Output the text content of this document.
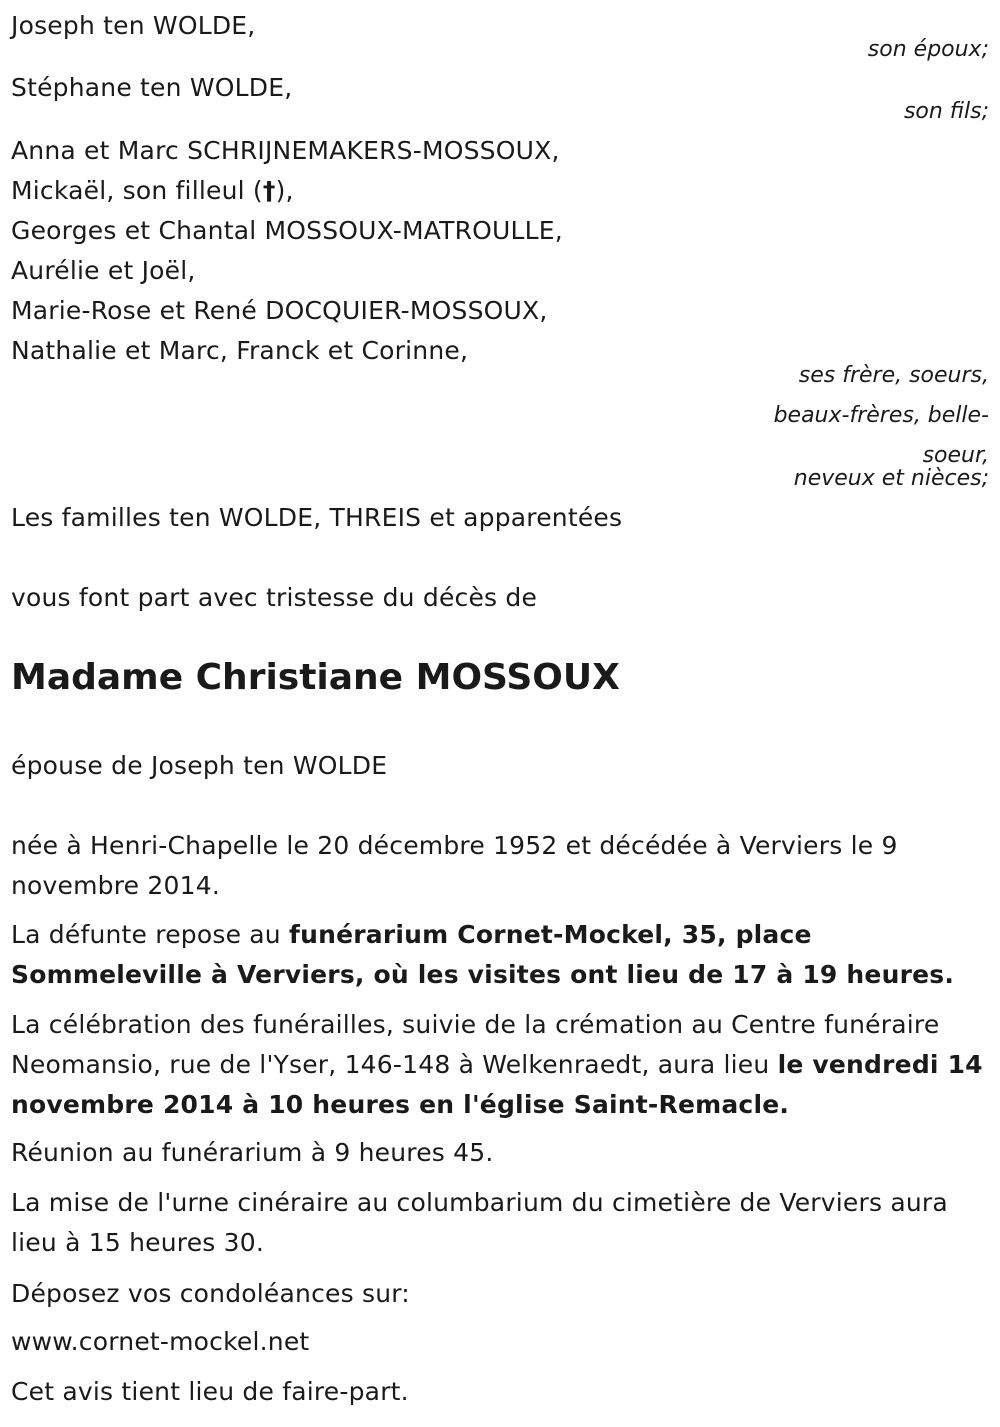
Joseph ten WOLDE,
son époux;
Stéphane ten WOLDE,
son fils;
Anna et Marc SCHRIJNEMAKERS-MOSSOUX,
Mickaël, son filleul (†),
Georges et Chantal MOSSOUX-MATROULLE,
Aurélie et Joël,
Marie-Rose et René DOCQUIER-MOSSOUX,
Nathalie et Marc, Franck et Corinne,
ses frère, soeurs,
beaux-frères, belle-
soeur,
neveux et nièces;
Les familles ten WOLDE, THREIS et apparentées
vous font part avec tristesse du décès de
Madame Christiane MOSSOUX
épouse de Joseph ten WOLDE
née à Henri-Chapelle le 20 décembre 1952 et décédée à Verviers le 9 novembre 2014.
La défunte repose au funérarium Cornet-Mockel, 35, place Sommeleville à Verviers, où les visites ont lieu de 17 à 19 heures.
La célébration des funérailles, suivie de la crémation au Centre funéraire Neomansio, rue de l'Yser, 146-148 à Welkenraedt, aura lieu le vendredi 14 novembre 2014 à 10 heures en l'église Saint-Remacle.
Réunion au funérarium à 9 heures 45.
La mise de l'urne cinéraire au columbarium du cimetière de Verviers aura lieu à 15 heures 30.
Déposez vos condoléances sur:
www.cornet-mockel.net
Cet avis tient lieu de faire-part.
